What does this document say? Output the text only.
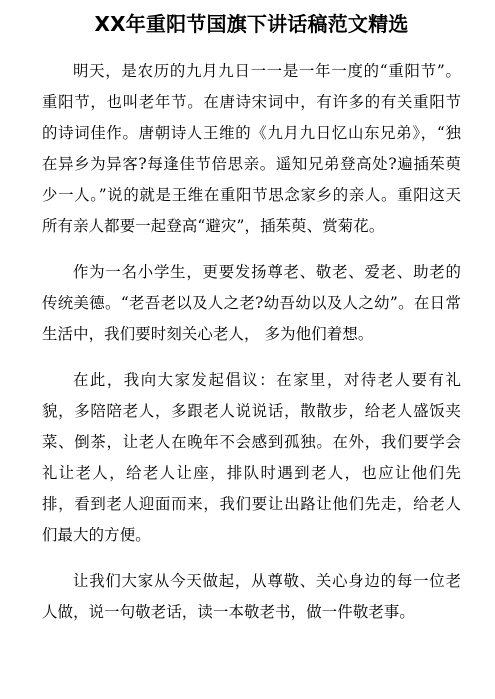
XX年重阳节国旗下讲话稿范文精选

明天，是农历的九月九日一一是一年一度的“重阳节”。重阳节，也叫老年节。在唐诗宋词中，有许多的有关重阳节的诗词佳作。唐朝诗人王维的《九月九日忆山东兄弟》，“独在异乡为异客?每逢佳节倍思亲。遥知兄弟登高处?遍插茱萸少一人。”说的就是王维在重阳节思念家乡的亲人。重阳这天所有亲人都要一起登高“避灾”，插茱萸、赏菊花。

作为一名小学生，更要发扬尊老、敬老、爱老、助老的传统美德。“老吾老以及人之老?幼吾幼以及人之幼”。在日常生活中，我们要时刻关心老人， 多为他们着想。

在此，我向大家发起倡议：在家里，对待老人要有礼貌，多陪陪老人，多跟老人说说话，散散步，给老人盛饭夹菜、倒茶，让老人在晚年不会感到孤独。在外，我们要学会礼让老人，给老人让座，排队时遇到老人，也应让他们先排，看到老人迎面而来，我们要让出路让他们先走，给老人们最大的方便。

让我们大家从今天做起，从尊敬、关心身边的每一位老人做，说一句敬老话，读一本敬老书，做一件敬老事。
